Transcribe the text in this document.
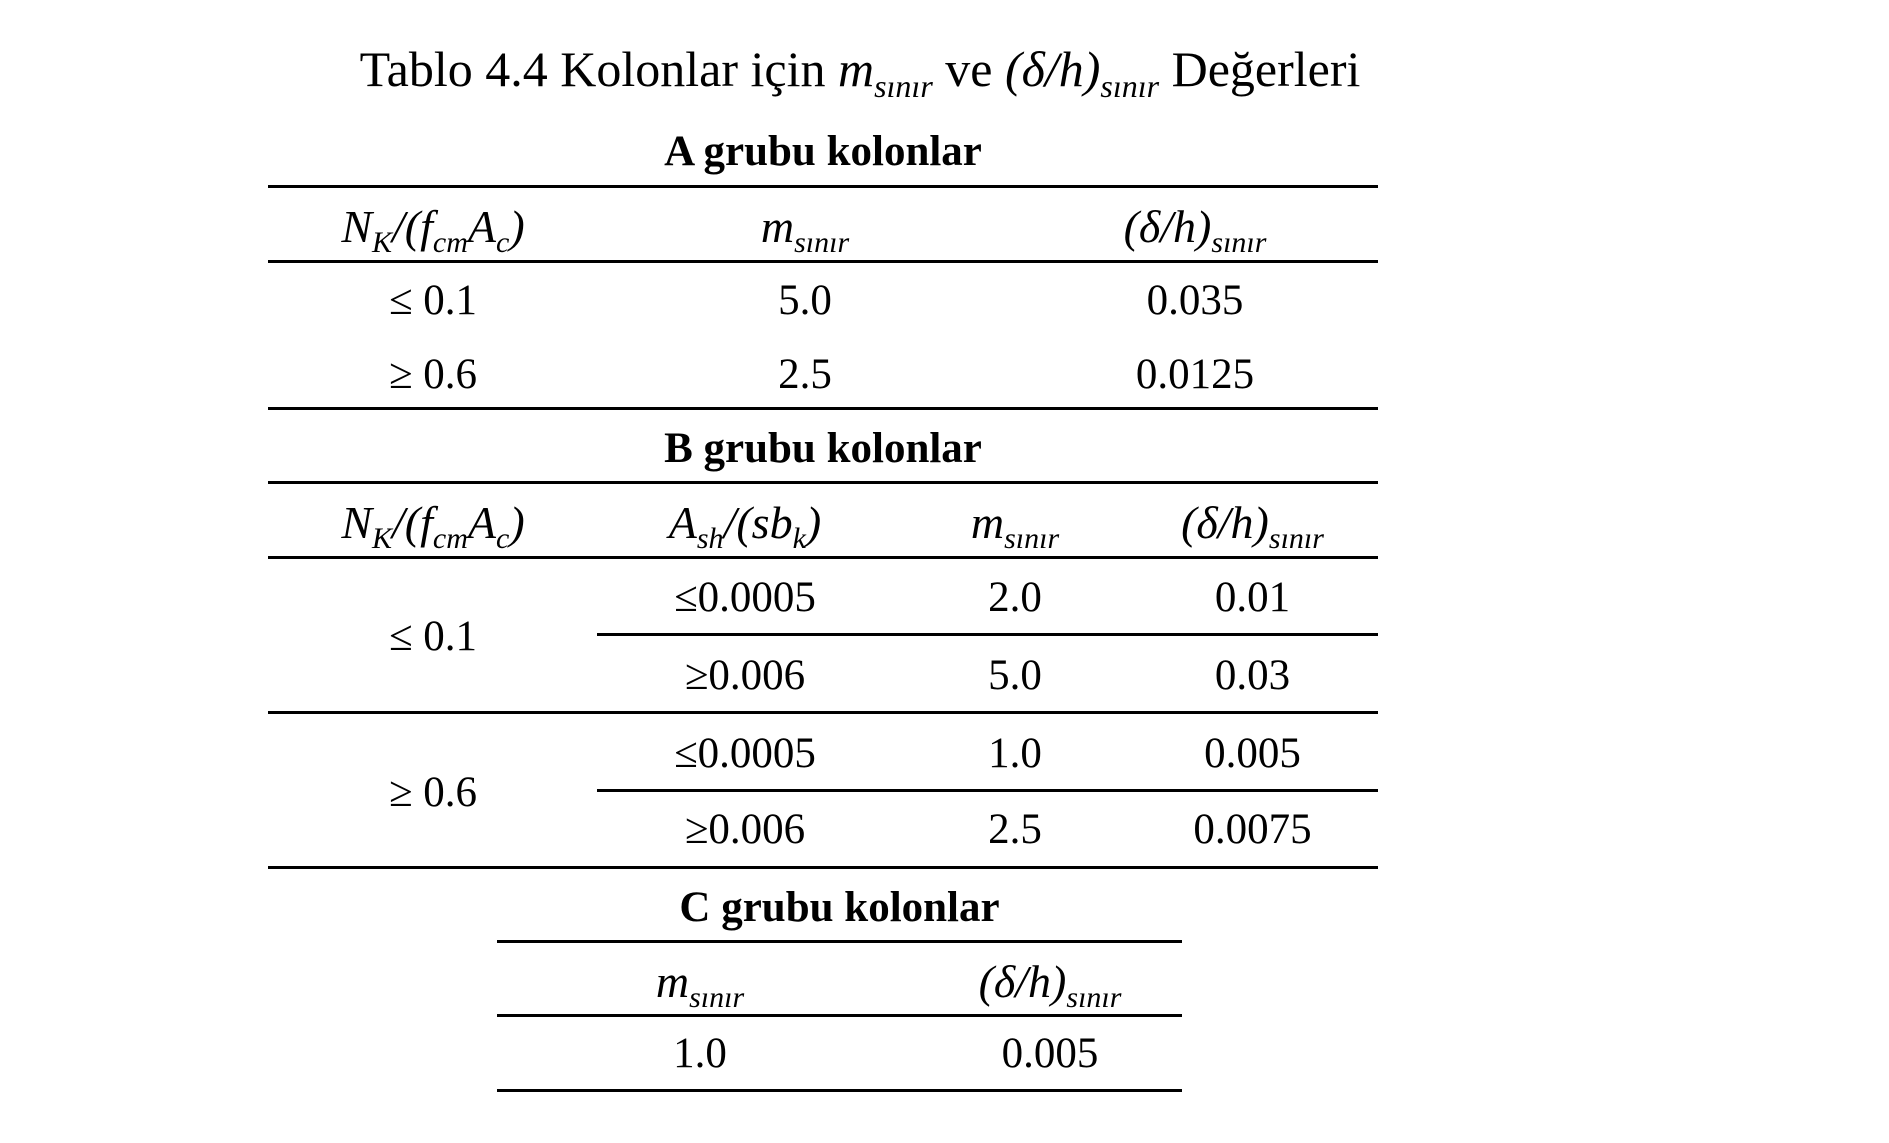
Tablo 4.4 Kolonlar için $m_{sınır}$ ve $(\delta/h)_{sınır}$ Değerleri
A grubu kolonlar
$N_K/(f_{cm}A_c)$	$m_{sınır}$	$(\delta/h)_{sınır}$
≤ 0.1	5.0	0.035
≥ 0.6	2.5	0.0125
B grubu kolonlar
$N_K/(f_{cm}A_c)$	$A_{sh}/(sb_k)$	$m_{sınır}$	$(\delta/h)_{sınır}$
≤ 0.1
≤0.0005	2.0	0.01
≥0.006	5.0	0.03
≥ 0.6
≤0.0005	1.0	0.005
≥0.006	2.5	0.0075
C grubu kolonlar
$m_{sınır}$	$(\delta/h)_{sınır}$
1.0	0.005
